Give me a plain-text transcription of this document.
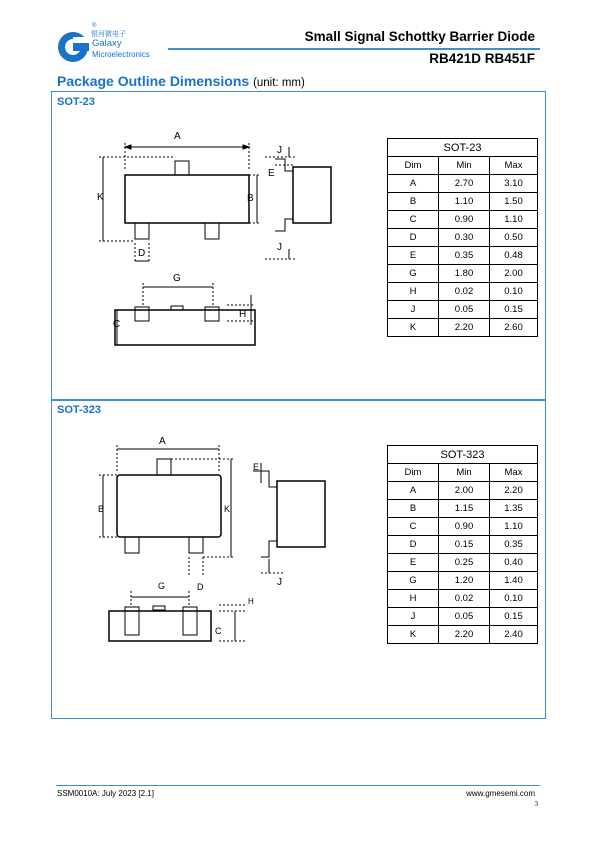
银河微电子
®
Galaxy
Microelectronics
Small Signal Schottky Barrier Diode
RB421D RB451F
Package Outline Dimensions (unit: mm)
SOT-23
A
B
K
D
E
J
J
G
C
H
SOT-23		
Dim	Min	Max
A	2.70	3.10
B	1.10	1.50
C	0.90	1.10
D	0.30	0.50
E	0.35	0.48
G	1.80	2.00
H	0.02	0.10
J	0.05	0.15
K	2.20	2.60
SOT-323
A
B	K
D
E
J
G
C
H
SOT-323		
Dim	Min	Max
A	2.00	2.20
B	1.15	1.35
C	0.90	1.10
D	0.15	0.35
E	0.25	0.40
G	1.20	1.40
H	0.02	0.10
J	0.05	0.15
K	2.20	2.40
SSM0010A: July 2023 [2.1]	www.gmesemi.com
3
